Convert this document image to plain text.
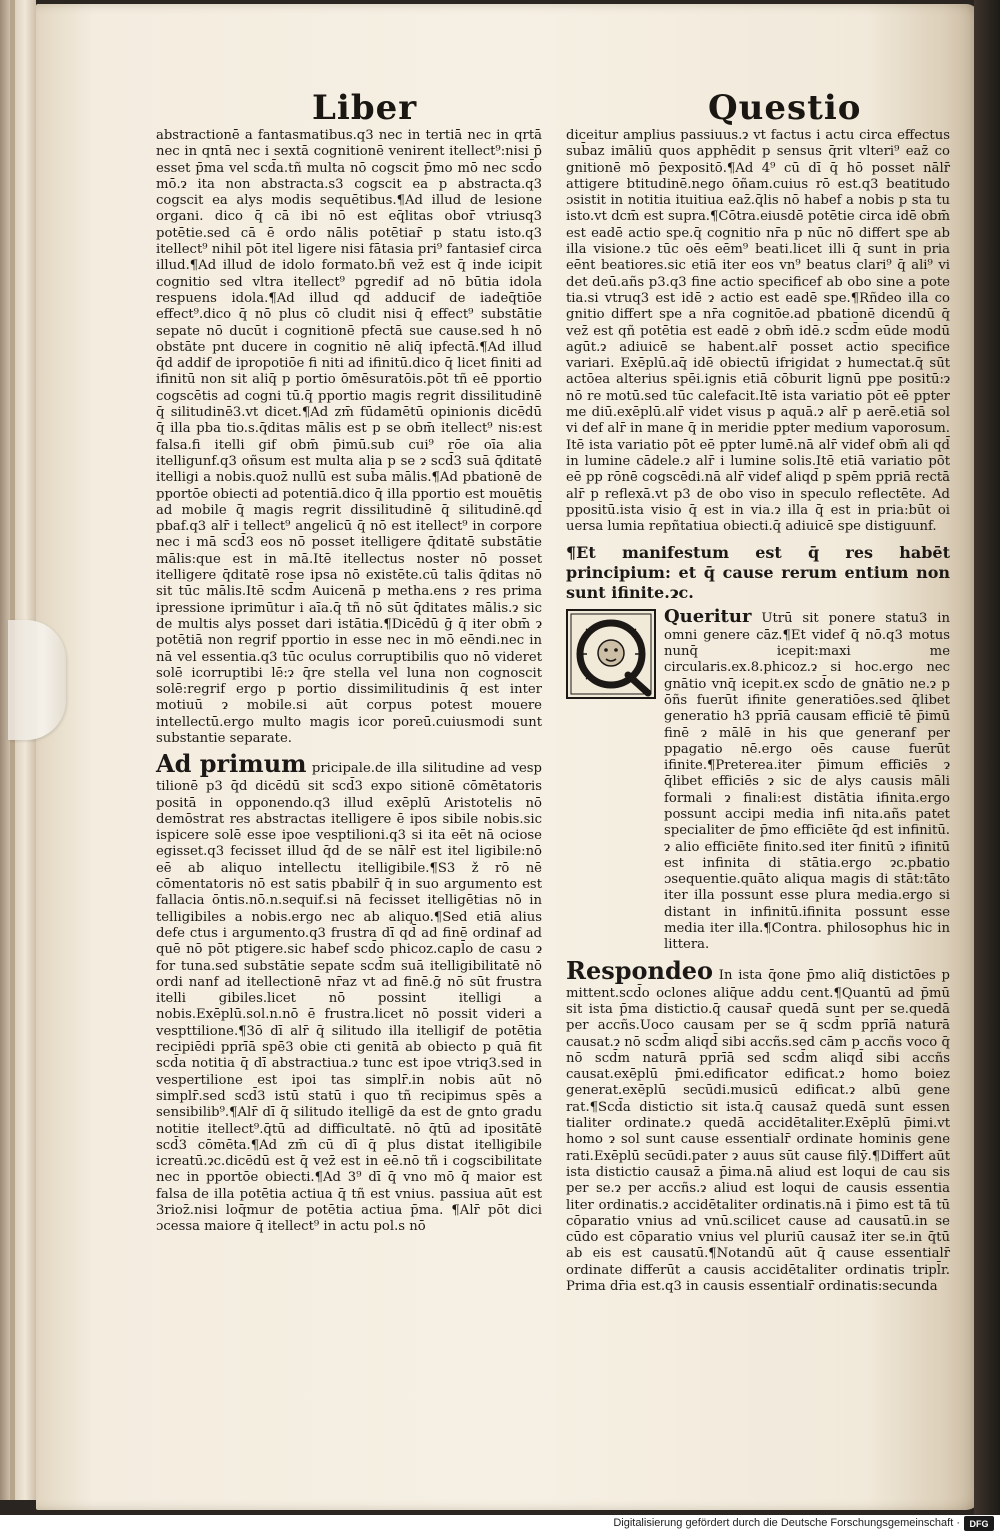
Liber	Questio

abstractionē a fantasmatibus.q3 nec in tertiā nec in qrtā nec in qntā nec i sextā cognitionē venirent itellect⁹:nisi p̄ esset p̄ma vel scd̄a.tñ multa nō cogscit p̄mo mō nec scd̄o mō.ɂ ita non abstracta.s3 cogscit ea p abstracta.q3 cogscit ea alys modis sequētibus.¶Ad illud de lesione organi. dico q̄ cā ibi nō est eq̄litas obor̄ vtriusq3 potētie.sed cā ē ordo nālis potētiar̄ p statu isto.q3 itellect⁹ nihil pōt itel ligere nisi fātasia pri⁹ fantasief circa illud.¶Ad illud de idolo formato.bñ vez̄ est q̄ inde icipit cognitio sed vltra itellect⁹ pgredif ad nō būtia idola respuens idola.¶Ad illud qd̄ adducif de iadeq̄tiōe effect⁹.dico q̄ nō plus cō cludit nisi q̄ effect⁹ substātie sepate nō ducūt i cognitionē pfectā sue cause.sed h nō obstāte pnt ducere in cognitio nē aliq̄ ipfectā.¶Ad illud q̄d addif de ipropotiōe fi niti ad ifinitū.dico q̄ licet finiti ad ifinitū non sit aliq̄ p portio ōmēsuratōis.pōt tñ eē pportio cogscētis ad cogni tū.q̄ pportio magis regrit dissilitudinē q̄ silitudinē3.vt dicet.¶Ad zm̄ fūdamētū opinionis dicēdū q̄ illa pba tio.s.q̄ditas mālis est p se obm̄ itellect⁹ nis:est falsa.fi itelli gif obm̄ p̄imū.sub cui⁹ rōe oīa alia itelligunf.q3 oñsum est multa alia p se ɂ scd̄3 suā q̄ditatē itelligi a nobis.quoz̄ nullū est sub̄a mālis.¶Ad pbationē de pportōe obiecti ad potentiā.dico q̄ illa pportio est mouētis ad mobile q̄ magis regrit dissilitudinē q̄ silitudinē.qd̄ pbaf.q3 alr̄ i tellect⁹ angelicū q̄ nō est itellect⁹ in corpore nec i mā scd̄3 eos nō posset itelligere q̄ditatē substātie mālis:que est in mā.Itē itellectus noster nō posset itelligere q̄ditatē rose ipsa nō existēte.cū talis q̄ditas nō sit tūc mālis.Itē scd̄m Auicenā p metha.ens ɂ res prima ipressione iprimūtur i aīa.q̄ tñ nō sūt q̄ditates mālis.ɂ sic de multis alys posset dari istātia.¶Dicēdū ḡ q̄ iter obm̄ ɂ potētiā non regrif pportio in esse nec in mō eēndi.nec in nā vel essentia.q3 tūc oculus corruptibilis quo nō videret solē icorruptibi lē:ɂ q̄re stella vel luna non cognoscit solē:regrif ergo p portio dissimilitudinis q̄ est inter motiuū ɂ mobile.si aūt corpus potest mouere intellectū.ergo multo magis icor poreū.cuiusmodi sunt substantie separate.

Ad primum pricipale.de illa silitudine ad vesp tilionē p3 q̄d dicēdū sit scd̄3 expo sitionē cōmētatoris positā in opponendo.q3 illud exēplū Aristotelis nō demōstrat res abstractas itelligere ē ipos sibile nobis.sic ispicere solē esse ipoe vesptilioni.q3 si ita eēt nā ociose egisset.q3 fecisset illud q̄d de se nālr̄ est itel ligibile:nō eē ab aliquo intellectu itelligibile.¶S3 ž rō nē cōmentatoris nō est satis pbabilr̄ q̄ in suo argumento est fallacia ōntis.nō.n.sequif.si nā fecisset itelligētias nō in telligibiles a nobis.ergo nec ab aliquo.¶Sed etiā alius defe ctus i argumento.q3 frustra dī qd̄ ad finē ordinaf ad quē nō pōt ptigere.sic habef scd̄o phicoz.capl̄o de casu ɂ for tuna.sed substātie sepate scd̄m suā itelligibilitatē nō ordi nanf ad itellectionē nr̄az vt ad finē.ḡ nō sūt frustra itelli gibiles.licet nō possint itelligi a nobis.Exēplū.sol.n.nō ē frustra.licet nō possit videri a vespttilione.¶3ō dī alr̄ q̄ silitudo illa itelligif de potētia recipiēdi pprīā spē3 obie cti genitā ab obiecto p quā fit scd̄a notitia q̄ dī abstractiua.ɂ tunc est ipoe vtriq3.sed in vespertilione est ipoi tas simplr̄.in nobis aūt nō simplr̄.sed scd̄3 istū statū i quo tñ recipimus spēs a sensibilib⁹.¶Alr̄ dī q̄ silitudo itelligē da est de gnto gradu notitie itellect⁹.q̄tū ad difficultatē. nō q̄tū ad ipositātē scd̄3 cōmēta.¶Ad zm̄ cū dī q̄ plus distat itelligibile icreatū.ɂc.dicēdū est q̄ vez̄ est in eē.nō tñ i cogscibilitate nec in pportōe obiecti.¶Ad 3⁹ dī q̄ vno mō q̄ maior est falsa de illa potētia actiua q̄ tñ est vnius. passiua aūt est 3rioz̄.nisi loq̄mur de potētia actiua p̄ma. ¶Alr̄ pōt dici ɔcessa maiore q̄ itellect⁹ in actu pol.s nō

diceitur amplius passiuus.ɂ vt factus i actu circa effectus sub̄az imāliū quos apphēdit p sensus q̄rit vlteri⁹ eaz̄ co gnitionē mō p̄expositō.¶Ad 4⁹ cū dī q̄ hō posset nālr̄ attigere btitudinē.nego ōñam.cuius rō est.q3 beatitudo ɔsistit in notitia ituitiua eaz̄.q̄lis nō habef a nobis p sta tu isto.vt dcm̄ est supra.¶Cōtra.eiusdē potētie circa idē obm̄ est eadē actio spe.q̄ cognitio nr̄a p nūc nō differt spe ab illa visione.ɂ tūc oēs eēm⁹ beati.licet illi q̄ sunt in pria eēnt beatiores.sic etiā iter eos vn⁹ beatus clari⁹ q̄ ali⁹ vi det deū.añs p3.q3 fine actio specificef ab obo sine a pote tia.si vtruq3 est idē ɂ actio est eadē spe.¶Rñdeo illa co gnitio differt spe a nr̄a cognitōe.ad pbationē dicendū q̄ vez̄ est qñ potētia est eadē ɂ obm̄ idē.ɂ scd̄m eūde modū agūt.ɂ adiuicē se habent.alr̄ posset actio specifice variari. Exēplū.aq̄ idē obiectū ifrigidat ɂ humectat.q̄ sūt actōea alterius spēi.ignis etiā cōburit lignū ppe positū:ɂ nō re motū.sed tūc calefacit.Itē ista variatio pōt eē ppter me diū.exēplū.alr̄ videt visus p aquā.ɂ alr̄ p aerē.etiā sol vi def alr̄ in mane q̄ in meridie ppter medium vaporosum. Itē ista variatio pōt eē ppter lumē.nā alr̄ videf obm̄ ali qd̄ in lumine cādele.ɂ alr̄ i lumine solis.Itē etiā variatio pōt eē pp rōnē cogscēdi.nā alr̄ videf aliqd̄ p spēm ppriā rectā alr̄ p reflexā.vt p3 de obo viso in speculo reflectēte. Ad ppositū.ista visio q̄ est in via.ɂ illa q̄ est in pria:būt oi uersa lumia repñtatiua obiecti.q̄ adiuicē spe distiguunf.

¶Et manifestum est q̄ res habēt principium: et q̄ cause rerum entium non sunt ifinite.ɂc.

Queritur Utrū sit ponere statu3 in omni genere cāz.¶Et videf q̄ nō.q3 motus nunq̄ icepit:maxi me circularis.ex.8.phicoz.ɂ si hoc.ergo nec gnātio vnq̄ icepit.ex scd̄o de gnātio ne.ɂ p ōñs fuerūt ifinite generatiōes.sed q̄libet generatio h3 pprīā causam efficiē tē p̄imū finē ɂ mālē in his que generanf per ppagatio nē.ergo oēs cause fuerūt ifinite.¶Preterea.iter p̄imum efficiēs ɂ q̄libet efficiēs ɂ sic de alys causis māli formali ɂ finali:est distātia ifinita.ergo possunt accipi media infi nita.añs patet specialiter de p̄mo efficiēte q̄d est infinitū. ɂ alio efficiēte finito.sed iter finitū ɂ ifinitū est infinita di stātia.ergo ɂc.pbatio ɔsequentie.quāto aliqua magis di stāt:tāto iter illa possunt esse plura media.ergo si distant in infinitū.ifinita possunt esse media iter illa.¶Contra. philosophus hic in littera.

Respondeo In ista q̄one p̄mo aliq̄ distictōes p mittent.scd̄o oclones aliq̄ue addu cent.¶Quantū ad p̄mū sit ista p̄ma distictio.q̄ causar̄ quedā sunt per se.quedā per accñs.Uoco causam per se q̄ scd̄m pprīā naturā causat.ɂ nō scd̄m aliqd̄ sibi accñs.sed cām p accñs voco q̄ nō scd̄m naturā pprīā sed scd̄m aliqd̄ sibi accñs causat.exēplū p̄mi.edificator edificat.ɂ homo boiez generat.exēplū secūdi.musicū edificat.ɂ albū gene rat.¶Scd̄a distictio sit ista.q̄ causaz̄ quedā sunt essen tialiter ordinate.ɂ quedā accidētaliter.Exēplū p̄imi.vt homo ɂ sol sunt cause essentialr̄ ordinate hominis gene rati.Exēplū secūdi.pater ɂ auus sūt cause filȳ.¶Differt aūt ista distictio causaz̄ a p̄ima.nā aliud est loqui de cau sis per se.ɂ per accñs.ɂ aliud est loqui de causis essentia liter ordinatis.ɂ accidētaliter ordinatis.nā i p̄imo est tā tū cōparatio vnius ad vnū.scilicet cause ad causatū.in se cūdo est cōparatio vnius vel pluriū causaz̄ iter se.in q̄tū ab eis est causatū.¶Notandū aūt q̄ cause essentialr̄ ordinate differūt a causis accidētaliter ordinatis tripl̄r. Prima dr̄ia est.q3 in causis essentialr̄ ordinatis:secunda

Digitalisierung gefördert durch die Deutsche Forschungsgemeinschaft ·	DFG
